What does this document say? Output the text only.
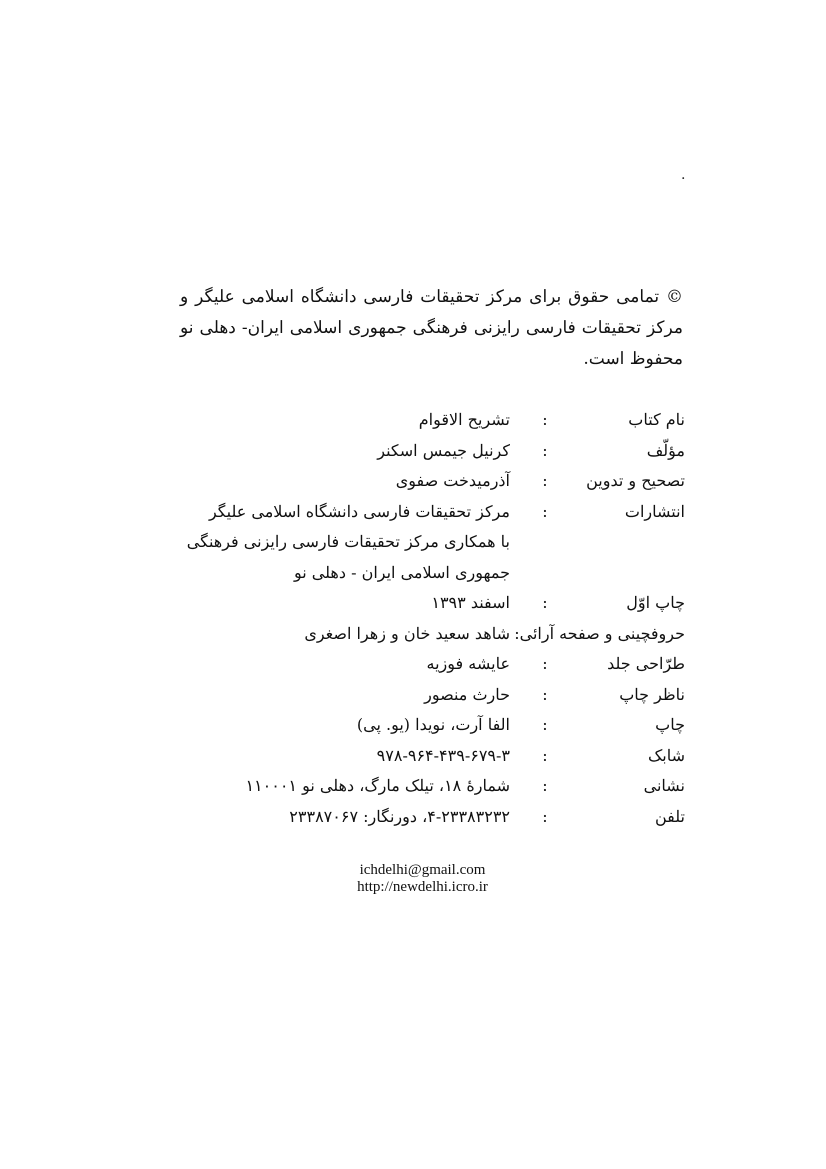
.
© تمامی حقوق برای مرکز تحقیقات فارسی دانشگاه اسلامی علیگر و مرکز تحقیقات فارسی رایزنی فرهنگی جمهوری اسلامی ایران- دهلی نو محفوظ است.
نام کتاب
:
تشریح الاقوام
مؤلّف
:
کرنیل جیمس اسکنر
تصحیح و تدوین
:
آذرمیدخت صفوی
انتشارات
:
مرکز تحقیقات فارسی دانشگاه اسلامی علیگر
با همکاری مرکز تحقیقات فارسی رایزنی فرهنگی
جمهوری اسلامی ایران - دهلی نو
چاپ اوّل
:
اسفند ۱۳۹۳
حروفچینی و صفحه آرائی:
شاهد سعید خان و زهرا اصغری
طرّاحی جلد
:
عایشه فوزیه
ناظر چاپ
:
حارث منصور
چاپ
:
الفا آرت، نویدا (یو. پی)
شابک
:
۹۷۸-۹۶۴-۴۳۹-۶۷۹-۳
نشانی
:
شمارهٔ ۱۸، تیلک مارگ، دهلی نو ۱۱۰۰۰۱
تلفن
:
۴-۲۳۳۸۳۲۳۲، دورنگار: ۲۳۳۸۷۰۶۷
ichdelhi@gmail.com
http://newdelhi.icro.ir
